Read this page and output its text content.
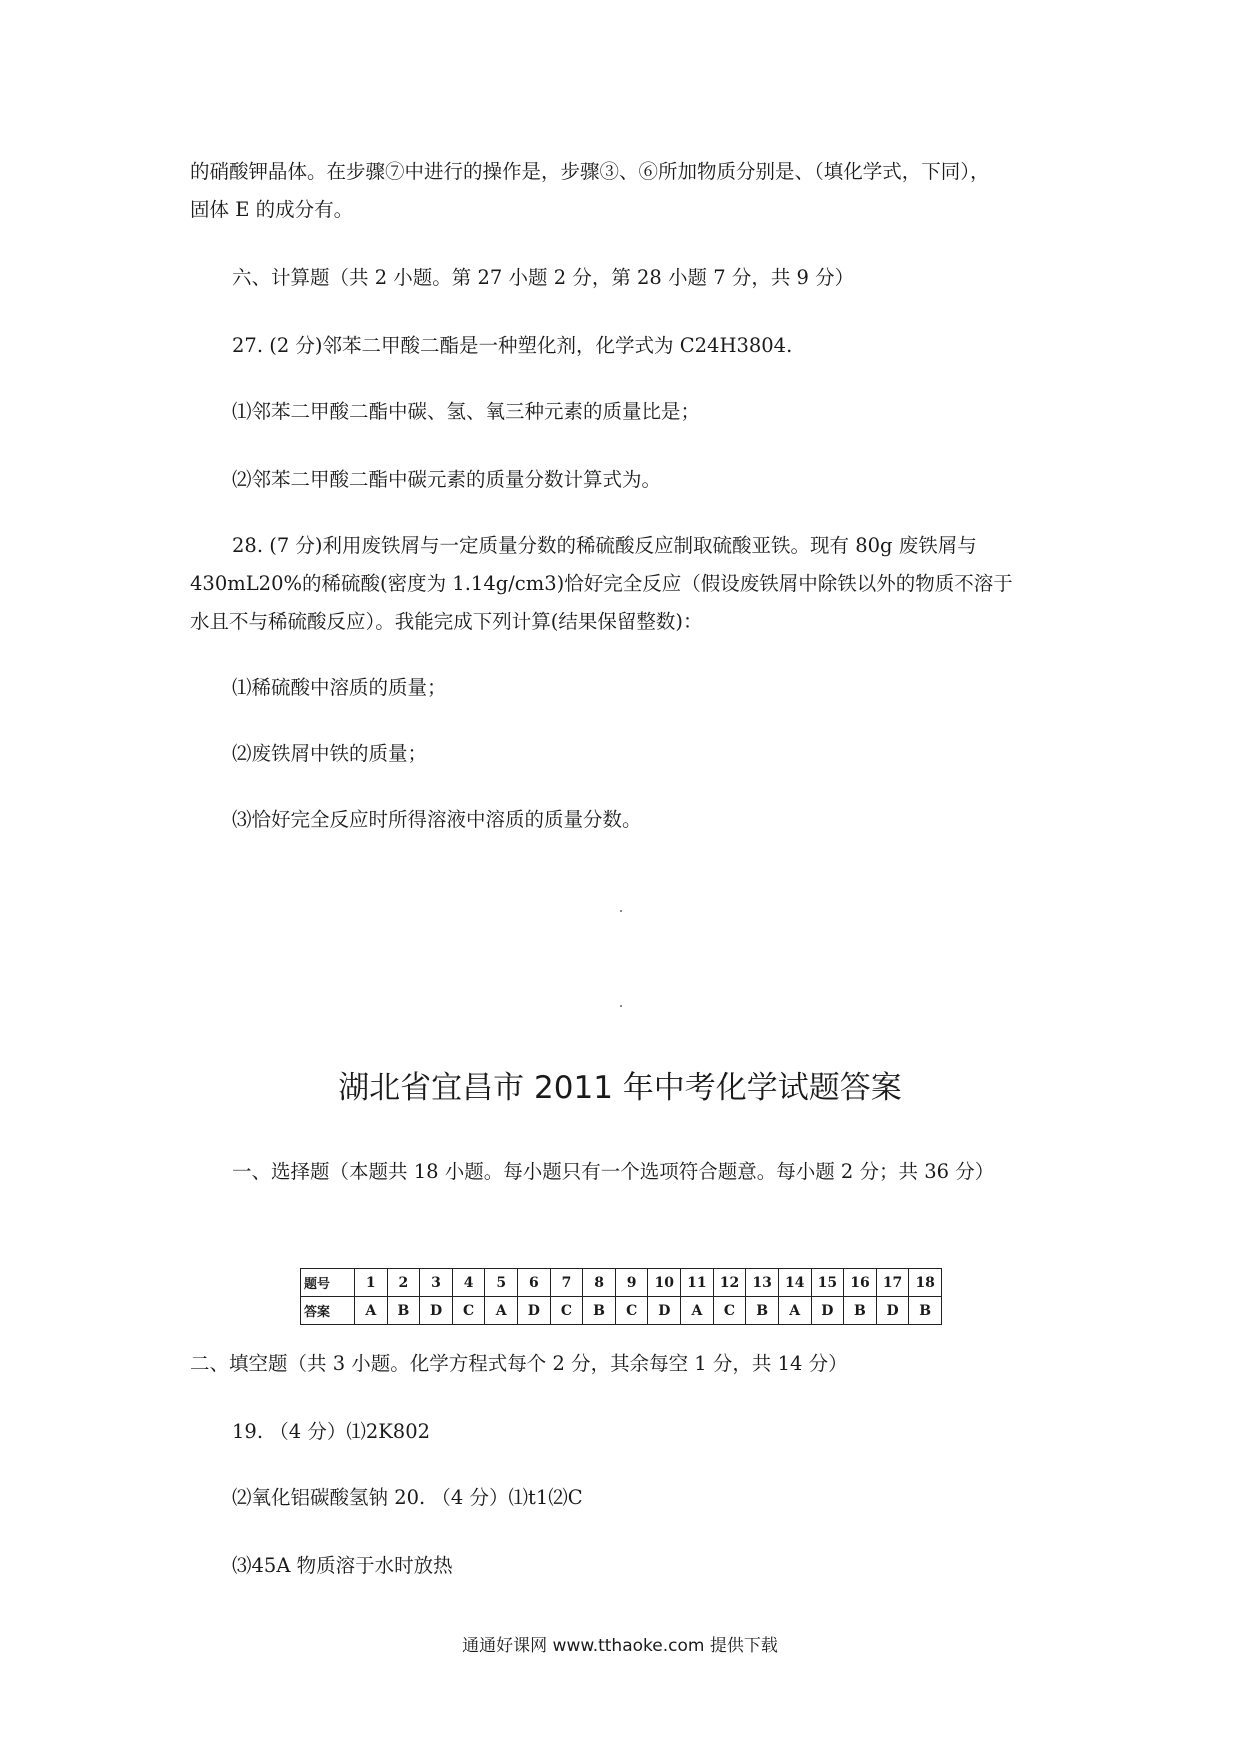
的硝酸钾晶体。在步骤⑦中进行的操作是，步骤③、⑥所加物质分别是、（填化学式，下同），
固体 E 的成分有。
六、计算题（共 2 小题。第 27 小题 2 分，第 28 小题 7 分，共 9 分）
27. (2 分)邻苯二甲酸二酯是一种塑化剂，化学式为 C24H3804.
⑴邻苯二甲酸二酯中碳、氢、氧三种元素的质量比是；
⑵邻苯二甲酸二酯中碳元素的质量分数计算式为。
28. (7 分)利用废铁屑与一定质量分数的稀硫酸反应制取硫酸亚铁。现有 80g 废铁屑与
430mL20%的稀硫酸(密度为 1.14g/cm3)恰好完全反应（假设废铁屑中除铁以外的物质不溶于
水且不与稀硫酸反应）。我能完成下列计算(结果保留整数)：
⑴稀硫酸中溶质的质量；
⑵废铁屑中铁的质量；
⑶恰好完全反应时所得溶液中溶质的质量分数。
湖北省宜昌市 2011 年中考化学试题答案
一、选择题（本题共 18 小题。每小题只有一个选项符合题意。每小题 2 分；共 36 分）
题号	1	2	3	4	5	6	7	8	9	10	11	12	13	14	15	16	17	18
答案	A	B	D	C	A	D	C	B	C	D	A	C	B	A	D	B	D	B
二、填空题（共 3 小题。化学方程式每个 2 分，其余每空 1 分，共 14 分）
19. （4 分）⑴2K802
⑵氧化铝碳酸氢钠 20. （4 分）⑴t1⑵C
⑶45A 物质溶于水时放热
通通好课网 www.tthaoke.com 提供下载
